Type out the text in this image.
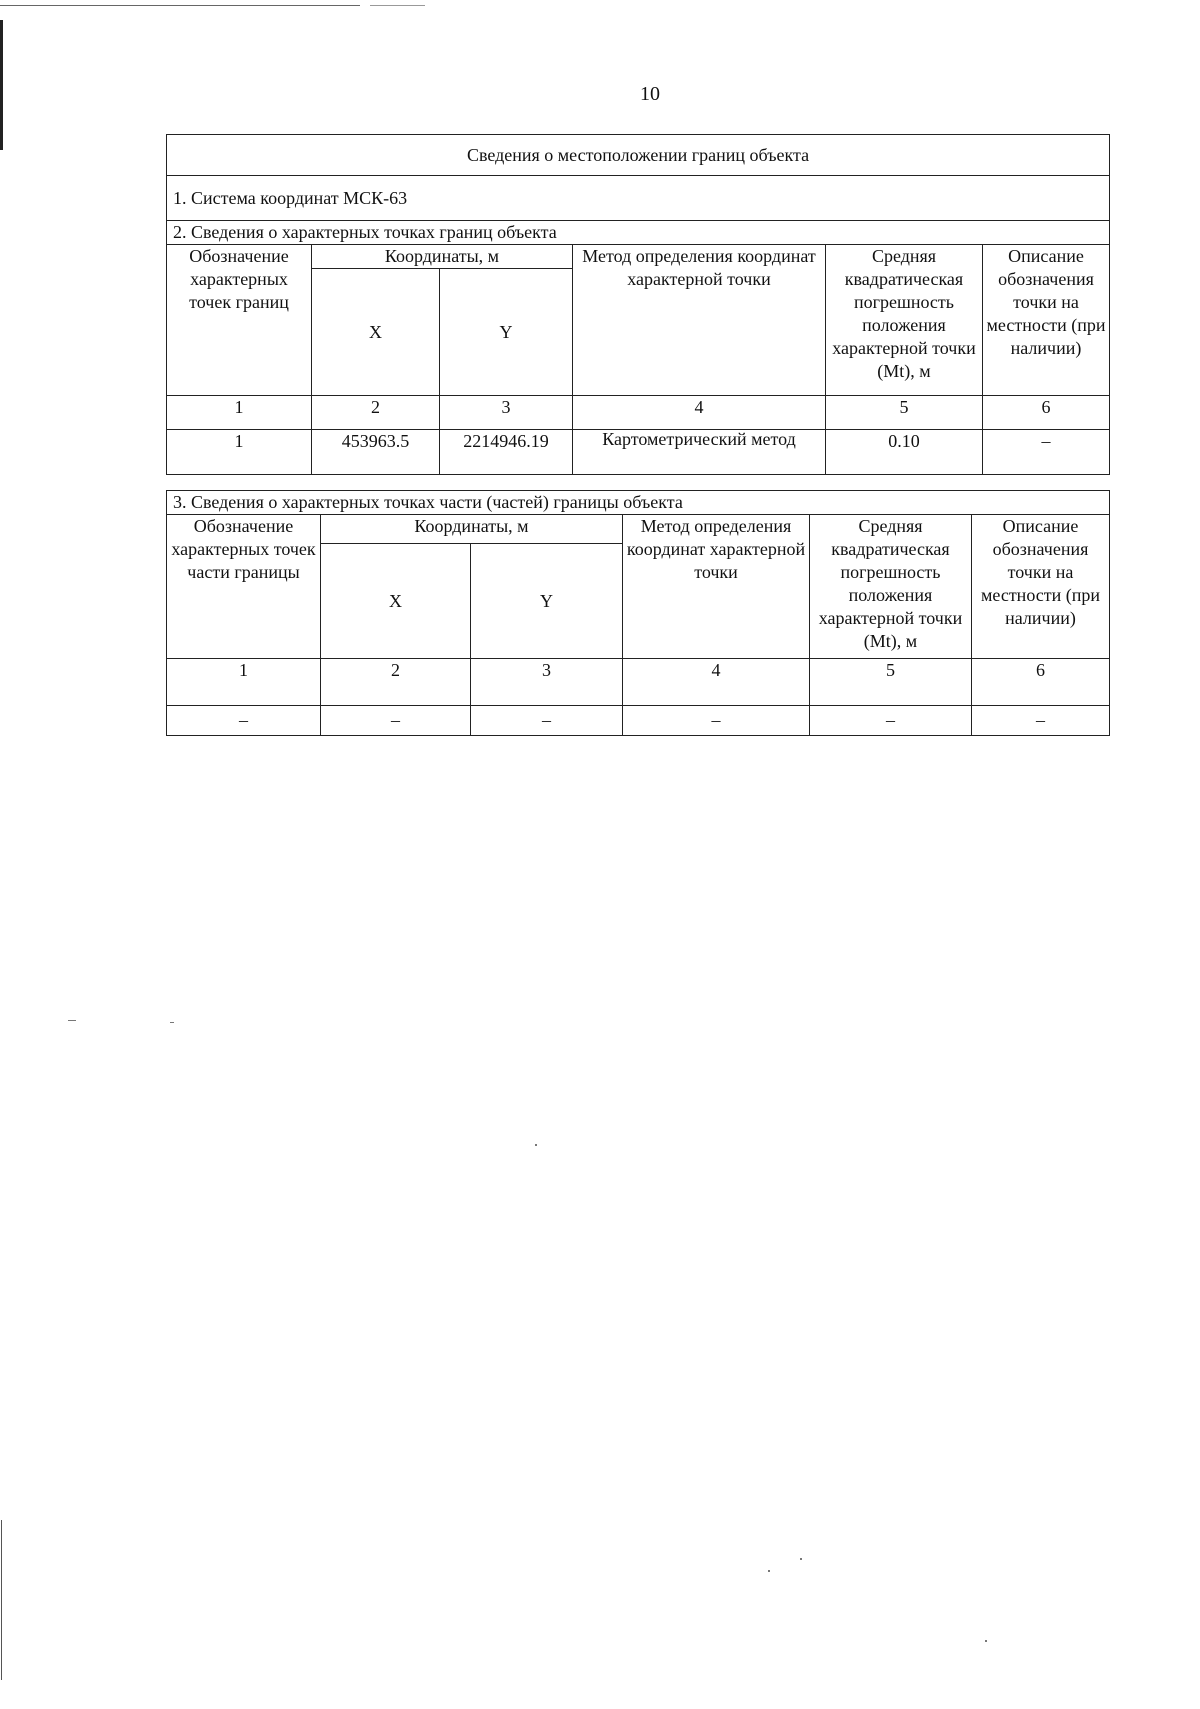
10
Сведения о местоположении границ объекта					
1. Система координат МСК-63					
2. Сведения о характерных точках границ объекта					
Обозначение характерных точек границ	Координаты, м		Метод определения координат характерной точки	Средняя квадратическая погрешность положения характерной точки (Mt), м	Описание обозначения точки на местности (при наличии)
	X	Y			
1	2	3	4	5	6
1	453963.5	2214946.19	Картометрический метод	0.10	–
3. Сведения о характерных точках части (частей) границы объекта					
Обозначение характерных точек части границы	Координаты, м		Метод определения координат характерной точки	Средняя квадратическая погрешность положения характерной точки (Mt), м	Описание обозначения точки на местности (при наличии)
	X	Y			
1	2	3	4	5	6
–	–	–	–	–	–
